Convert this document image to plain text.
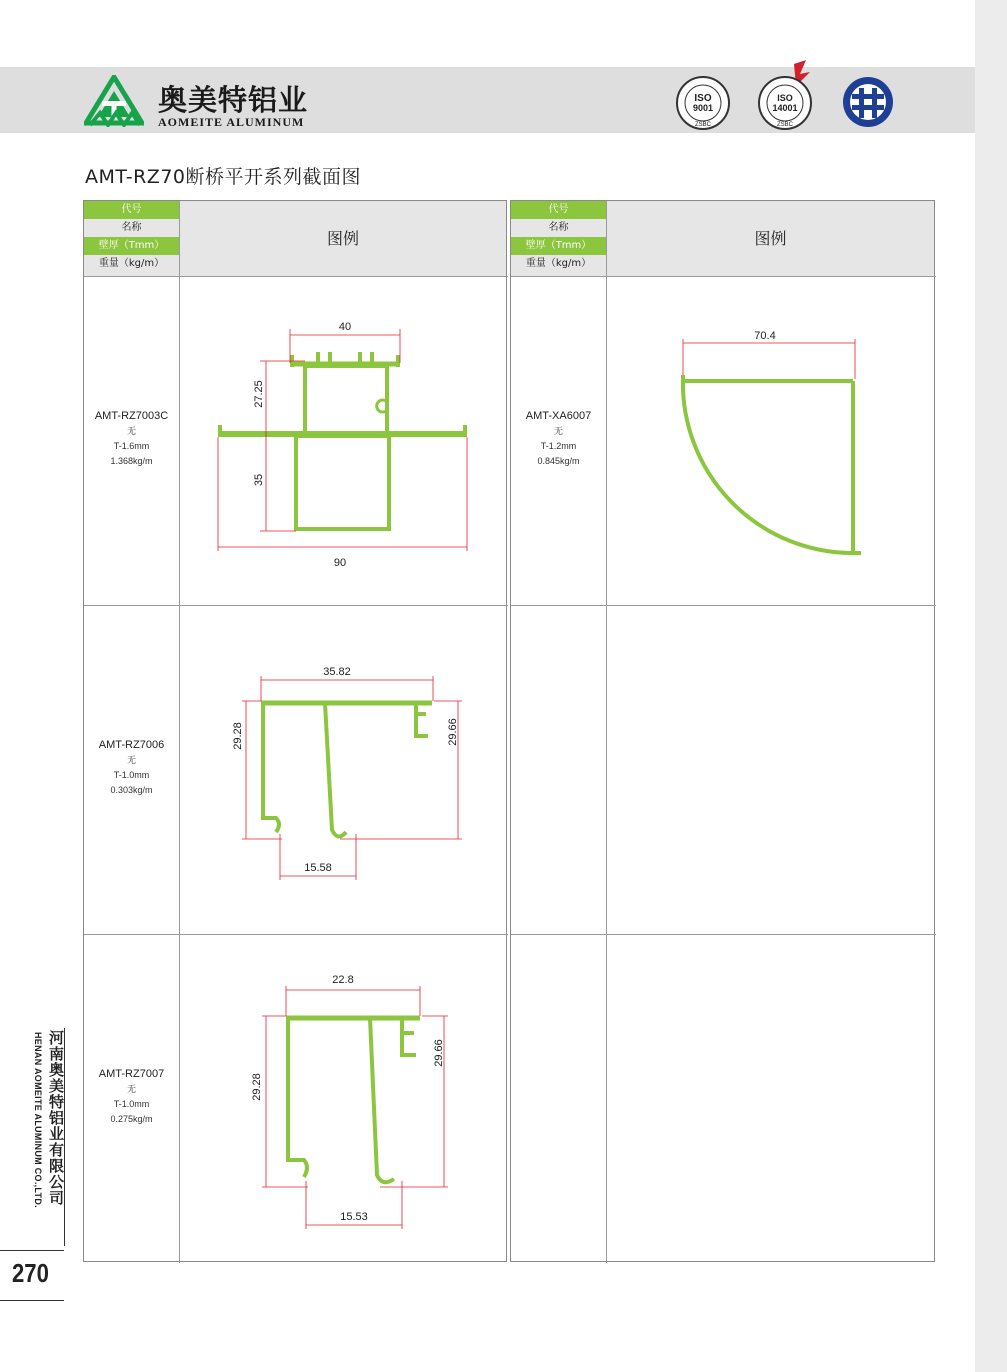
奥美特铝业
AOMEITE ALUMINUM
ISO
9001
ZSBC
ISO
14001
ZSBC
AMT-RZ70断桥平开系列截面图
代号
名称
壁厚（Tmm）
重量（kg/m）
图例
AMT-RZ7003C
无
T-1.6mm
1.368kg/m
40
27.25
35
90
AMT-RZ7006
无
T-1.0mm
0.303kg/m
35.82
29.28	29.66
15.58
AMT-RZ7007
无
T-1.0mm
0.275kg/m
22.8
29.28
29.66
15.53
代号
名称
壁厚（Tmm）
重量（kg/m）
图例
AMT-XA6007
无
T-1.2mm
0.845kg/m
70.4
河南奥美特铝业有限公司
HENAN AOMEITE ALUMINUM CO.,LTD.
270
